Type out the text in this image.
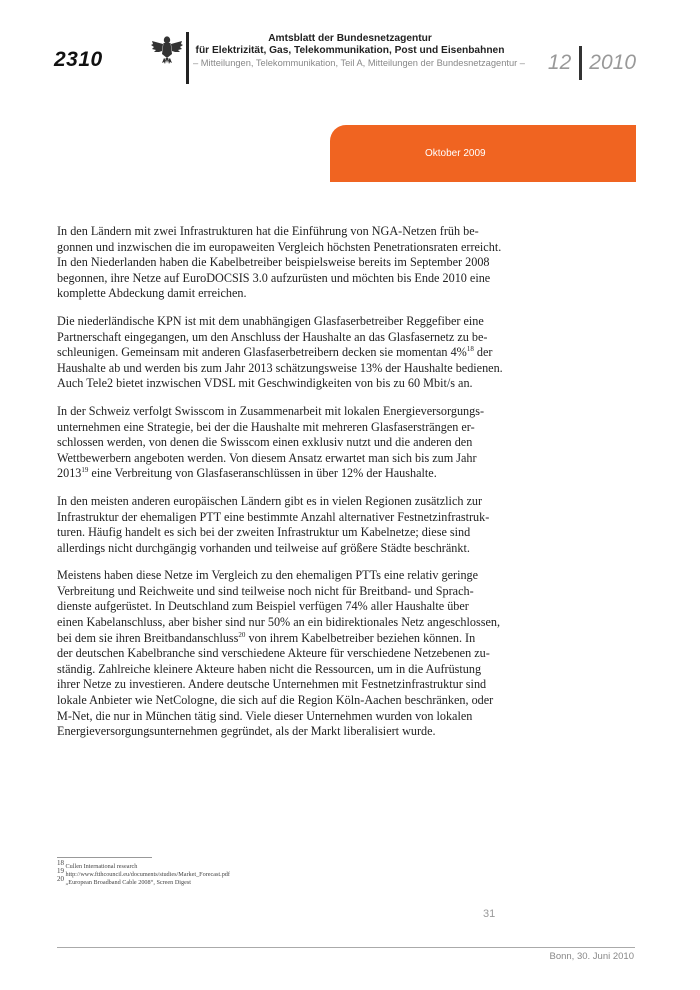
2310
Amtsblatt der Bundesnetzagentur
für Elektrizität, Gas, Telekommunikation, Post und Eisenbahnen
– Mitteilungen, Telekommunikation, Teil A, Mitteilungen der Bundesnetzagentur – 12 2010
Oktober 2009

In den Ländern mit zwei Infrastrukturen hat die Einführung von NGA-Netzen früh be-
gonnen und inzwischen die im europaweiten Vergleich höchsten Penetrationsraten erreicht.
In den Niederlanden haben die Kabelbetreiber beispielsweise bereits im September 2008
begonnen, ihre Netze auf EuroDOCSIS 3.0 aufzurüsten und möchten bis Ende 2010 eine
komplette Abdeckung damit erreichen.

Die niederländische KPN ist mit dem unabhängigen Glasfaserbetreiber Reggefiber eine
Partnerschaft eingegangen, um den Anschluss der Haushalte an das Glasfasernetz zu be-
schleunigen. Gemeinsam mit anderen Glasfaserbetreibern decken sie momentan 4%$^{18}$ der
Haushalte ab und werden bis zum Jahr 2013 schätzungsweise 13% der Haushalte bedienen.
Auch Tele2 bietet inzwischen VDSL mit Geschwindigkeiten von bis zu 60 Mbit/s an.

In der Schweiz verfolgt Swisscom in Zusammenarbeit mit lokalen Energieversorgungs-
unternehmen eine Strategie, bei der die Haushalte mit mehreren Glasfasersträngen er-
schlossen werden, von denen die Swisscom einen exklusiv nutzt und die anderen den
Wettbewerbern angeboten werden. Von diesem Ansatz erwartet man sich bis zum Jahr
2013$^{19}$ eine Verbreitung von Glasfaseranschlüssen in über 12% der Haushalte.

In den meisten anderen europäischen Ländern gibt es in vielen Regionen zusätzlich zur
Infrastruktur der ehemaligen PTT eine bestimmte Anzahl alternativer Festnetzinfrastruk-
turen. Häufig handelt es sich bei der zweiten Infrastruktur um Kabelnetze; diese sind
allerdings nicht durchgängig vorhanden und teilweise auf größere Städte beschränkt.

Meistens haben diese Netze im Vergleich zu den ehemaligen PTTs eine relativ geringe
Verbreitung und Reichweite und sind teilweise noch nicht für Breitband- und Sprach-
dienste aufgerüstet. In Deutschland zum Beispiel verfügen 74% aller Haushalte über
einen Kabelanschluss, aber bisher sind nur 50% an ein bidirektionales Netz angeschlossen,
bei dem sie ihren Breitbandanschluss$^{20}$ von ihrem Kabelbetreiber beziehen können. In
der deutschen Kabelbranche sind verschiedene Akteure für verschiedene Netzebenen zu-
ständig. Zahlreiche kleinere Akteure haben nicht die Ressourcen, um in die Aufrüstung
ihrer Netze zu investieren. Andere deutsche Unternehmen mit Festnetzinfrastruktur sind
lokale Anbieter wie NetCologne, die sich auf die Region Köln-Aachen beschränken, oder
M-Net, die nur in München tätig sind. Viele dieser Unternehmen wurden von lokalen
Energieversorgungsunternehmen gegründet, als der Markt liberalisiert wurde.

$^{18}$ Cullen International research
$^{19}$ http://www.ftthcouncil.eu/documents/studies/Market_Forecast.pdf
$^{20}$ „European Broadband Cable 2008“, Screen Digest
31
Bonn, 30. Juni 2010
